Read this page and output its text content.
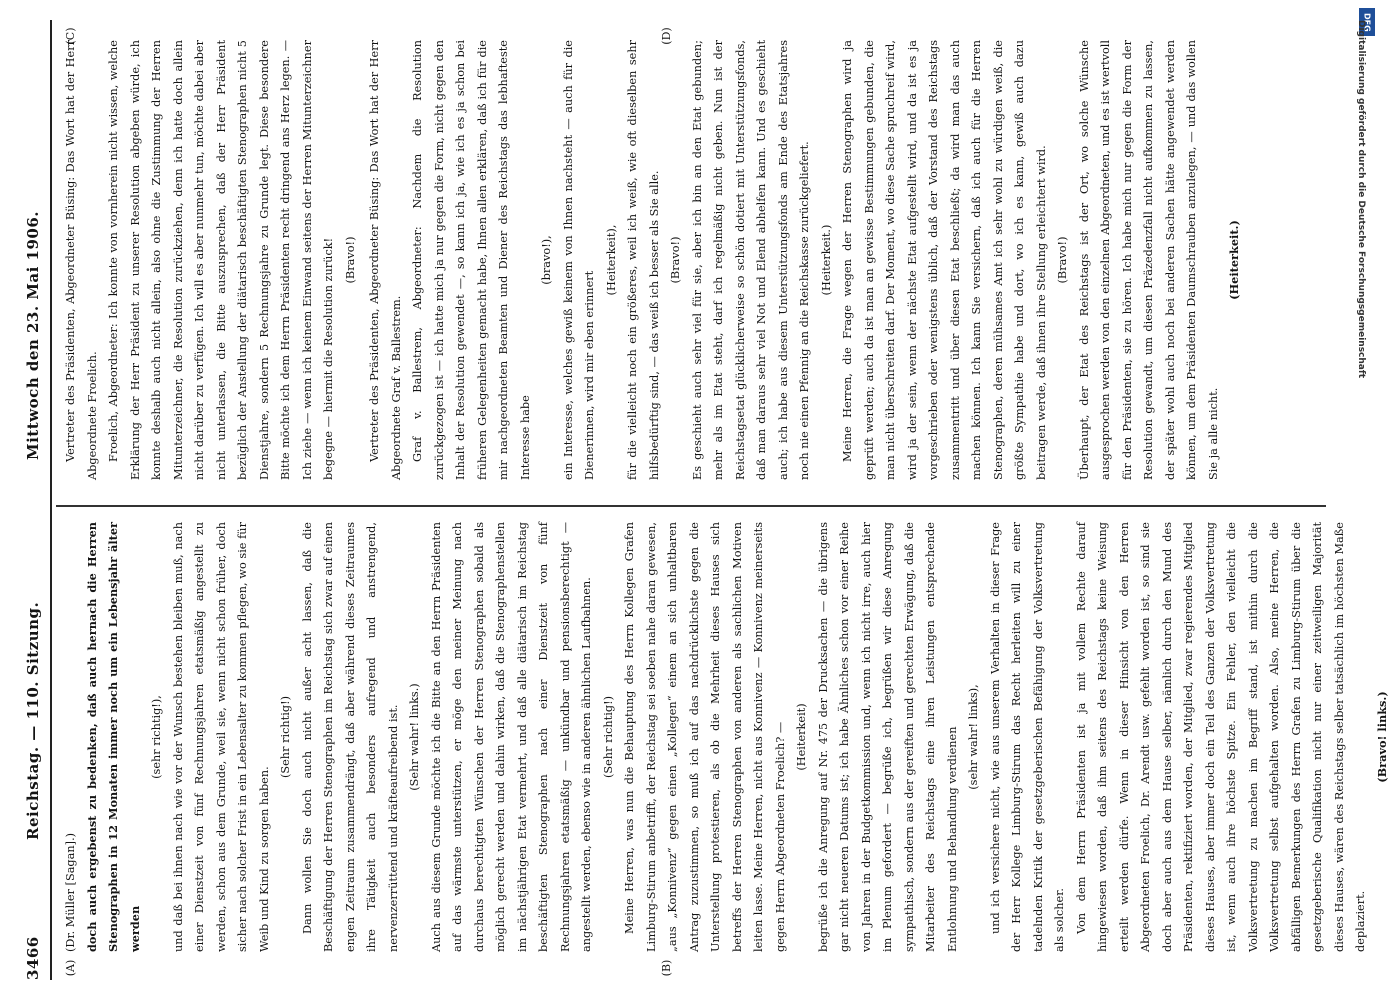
3466
Reichstag. — 110. Sitzung.
Mittwoch den 23. Mai 1906.
(A)	(B)
(C)	(D)

(Dr. Müller [Sagan].) doch auch ergebenst zu bedenken, daß auch hernach die Herren Stenographen in 12 Monaten immer noch um ein Lebensjahr älter werden

(sehr richtig!), und daß bei ihnen nach wie vor der Wunsch bestehen bleiben muß, nach einer Dienstzeit von fünf Rechnungsjahren etatsmäßig angestellt zu werden, schon aus dem Grunde, weil sie, wenn nicht schon früher, doch sicher nach solcher Frist in ein Lebensalter zu kommen pflegen, wo sie für Weib und Kind zu sorgen haben.

(Sehr richtig!) Dann wollen Sie doch auch nicht außer acht lassen, daß die Beschäftigung der Herren Stenographen im Reichstag sich zwar auf einen engen Zeitraum zusammendrängt, daß aber während dieses Zeitraumes ihre Tätigkeit auch besonders aufregend und anstrengend, nervenzerrüttend und kräfteaufreibend ist. (Sehr wahr! links.) Auch aus diesem Grunde möchte ich die Bitte an den Herrn Präsidenten auf das wärmste unterstützen, er möge den meiner Meinung nach durchaus berechtigten Wünschen der Herren Stenographen sobald als möglich gerecht werden und dahin wirken, daß die Stenographenstellen im nächstjährigen Etat vermehrt, und daß alle diätarisch im Reichstag beschäftigten Stenographen nach einer Dienstzeit von fünf Rechnungsjahren etatsmäßig — unkündbar und pensionsberechtigt — angestellt werden, ebenso wie in anderen ähnlichen Laufbahnen. (Sehr richtig!) Meine Herren, was nun die Behauptung des Herrn Kollegen Grafen Limburg-Stirum anbetrifft, der Reichstag sei soeben nahe daran gewesen, „aus „Konnivenz“ gegen einen „Kollegen“ einem an sich unhaltbaren Antrag zuzustimmen, so muß ich auf das nachdrücklichste gegen die Unterstellung protestieren, als ob die Mehrheit dieses Hauses sich betreffs der Herren Stenographen von anderen als sachlichen Motiven leiten lasse. Meine Herren, nicht aus Konnivenz — Konnivenz meinerseits gegen Herrn Abgeordneten Froelich? — (Heiterkeit) begrüße ich die Anregung auf Nr. 475 der Drucksachen — die übrigens gar nicht neueren Datums ist; ich habe Ähnliches schon vor einer Reihe von Jahren in der Budgetkommission und, wenn ich nicht irre, auch hier im Plenum gefordert — begrüße ich, begrüßen wir diese Anregung sympathisch, sondern aus der gereiften und gerechten Erwägung, daß die Mitarbeiter des Reichstags eine ihren Leistungen entsprechende Entlohnung und Behandlung verdienen (sehr wahr! links), und ich versichere nicht, wie aus unserem Verhalten in dieser Frage der Herr Kollege Limburg-Stirum das Recht herleiten will zu einer tadelnden Kritik der gesetzgeberischen Befähigung der Volksvertretung als solcher. Von dem Herrn Präsidenten ist ja mit vollem Rechte darauf hingewiesen worden, daß ihm seitens des Reichstags keine Weisung erteilt werden dürfe. Wenn in dieser Hinsicht von den Herren Abgeordneten Froelich, Dr. Arendt usw. gefehlt worden ist, so sind sie doch aber auch aus dem Hause selber, nämlich durch den Mund des Präsidenten, rektifiziert worden, der Mitglied, zwar regierendes Mitglied dieses Hauses, aber immer doch ein Teil des Ganzen der Volksvertretung ist, wenn auch ihre höchste Spitze. Ein Fehler, den vielleicht die Volksvertretung zu machen im Begriff stand, ist mithin durch die Volksvertretung selbst aufgehalten worden. Also, meine Herren, die abfälligen Bemerkungen des Herrn Grafen zu Limburg-Stirum über die gesetzgeberische Qualifikation nicht nur einer zeitweiligen Majorität dieses Hauses, wären des Reichstags selber tatsächlich im höchsten Maße deplaziert.

(Bravo! links.)

Vertreter des Präsidenten, Abgeordneter Büsing: Das Wort hat der Herr Abgeordnete Froelich. Froelich, Abgeordneter: Ich konnte von vornherein nicht wissen, welche Erklärung der Herr Präsident zu unserer Resolution abgeben würde, ich konnte deshalb auch nicht allein, also ohne die Zustimmung der Herren Mitunterzeichner, die Resolution zurückziehen, denn ich hatte doch allein nicht darüber zu verfügen. Ich will es aber nunmehr tun, möchte dabei aber nicht unterlassen, die Bitte auszusprechen, daß der Herr Präsident bezüglich der Anstellung der diätarisch beschäftigten Stenographen nicht 5 Dienstjahre, sondern 5 Rechnungsjahre zu Grunde legt. Diese besondere Bitte möchte ich dem Herrn Präsidenten recht dringend ans Herz legen. — Ich ziehe — wenn ich keinem Einwand seitens der Herren Mitunterzeichner begegne — hiermit die Resolution zurück! (Bravo!)	Vertreter des Präsidenten, Abgeordneter Büsing: Das Wort hat der Herr Abgeordnete Graf v. Ballestrem. Graf v. Ballestrem, Abgeordneter: Nachdem die Resolution zurückgezogen ist — ich hatte mich ja nur gegen die Form, nicht gegen den Inhalt der Resolution gewendet —, so kann ich ja, wie ich es ja schon bei früheren Gelegenheiten gemacht habe, Ihnen allen erklären, daß ich für die mir nachgeordneten Beamten und Diener des Reichstags das lebhafteste Interesse habe

(bravo!), ein Interesse, welches gewiß keinem von Ihnen nachsteht — auch für die Dienerinnen, wird mir eben erinnert

(Heiterkeit), für die vielleicht noch ein größeres, weil ich weiß, wie oft dieselben sehr hilfsbedürftig sind, — das weiß ich besser als Sie alle. (Bravo!) Es geschieht auch sehr viel für sie, aber ich bin an den Etat gebunden; mehr als im Etat steht, darf ich regelmäßig nicht geben. Nun ist der Reichstagsetat glücklicherweise so schön dotiert mit Unterstützungsfonds, daß man daraus sehr viel Not und Elend abhelfen kann. Und es geschieht auch; ich habe aus diesem Unterstützungsfonds am Ende des Etatsjahres noch nie einen Pfennig an die Reichskasse zurückgeliefert. (Heiterkeit.) Meine Herren, die Frage wegen der Herren Stenographen wird ja geprüft werden; auch da ist man an gewisse Bestimmungen gebunden, die man nicht überschreiten darf. Der Moment, wo diese Sache spruchreif wird, wird ja der sein, wenn der nächste Etat aufgestellt wird, und da ist es ja vorgeschrieben oder wenigstens üblich, daß der Vorstand des Reichstags zusammentritt und über diesen Etat beschließt; da wird man das auch machen können. Ich kann Sie versichern, daß ich auch für die Herren Stenographen, deren mühsames Amt ich sehr wohl zu würdigen weiß, die größte Sympathie habe und dort, wo ich es kann, gewiß auch dazu beitragen werde, daß ihnen ihre Stellung erleichtert wird. (Bravo!) Überhaupt, der Etat des Reichstags ist der Ort, wo solche Wünsche ausgesprochen werden von den einzelnen Abgeordneten, und es ist wertvoll für den Präsidenten, sie zu hören. Ich habe mich nur gegen die Form der Resolution gewandt, um diesen Präzedenzfall nicht aufkommen zu lassen, der später wohl auch noch bei anderen Sachen hätte angewendet werden können, um dem Präsidenten Daumschrauben anzulegen, — und das wollen Sie ja alle nicht.

(Heiterkeit.)

DFG
Digitalisierung gefördert durch die Deutsche Forschungsgemeinschaft
